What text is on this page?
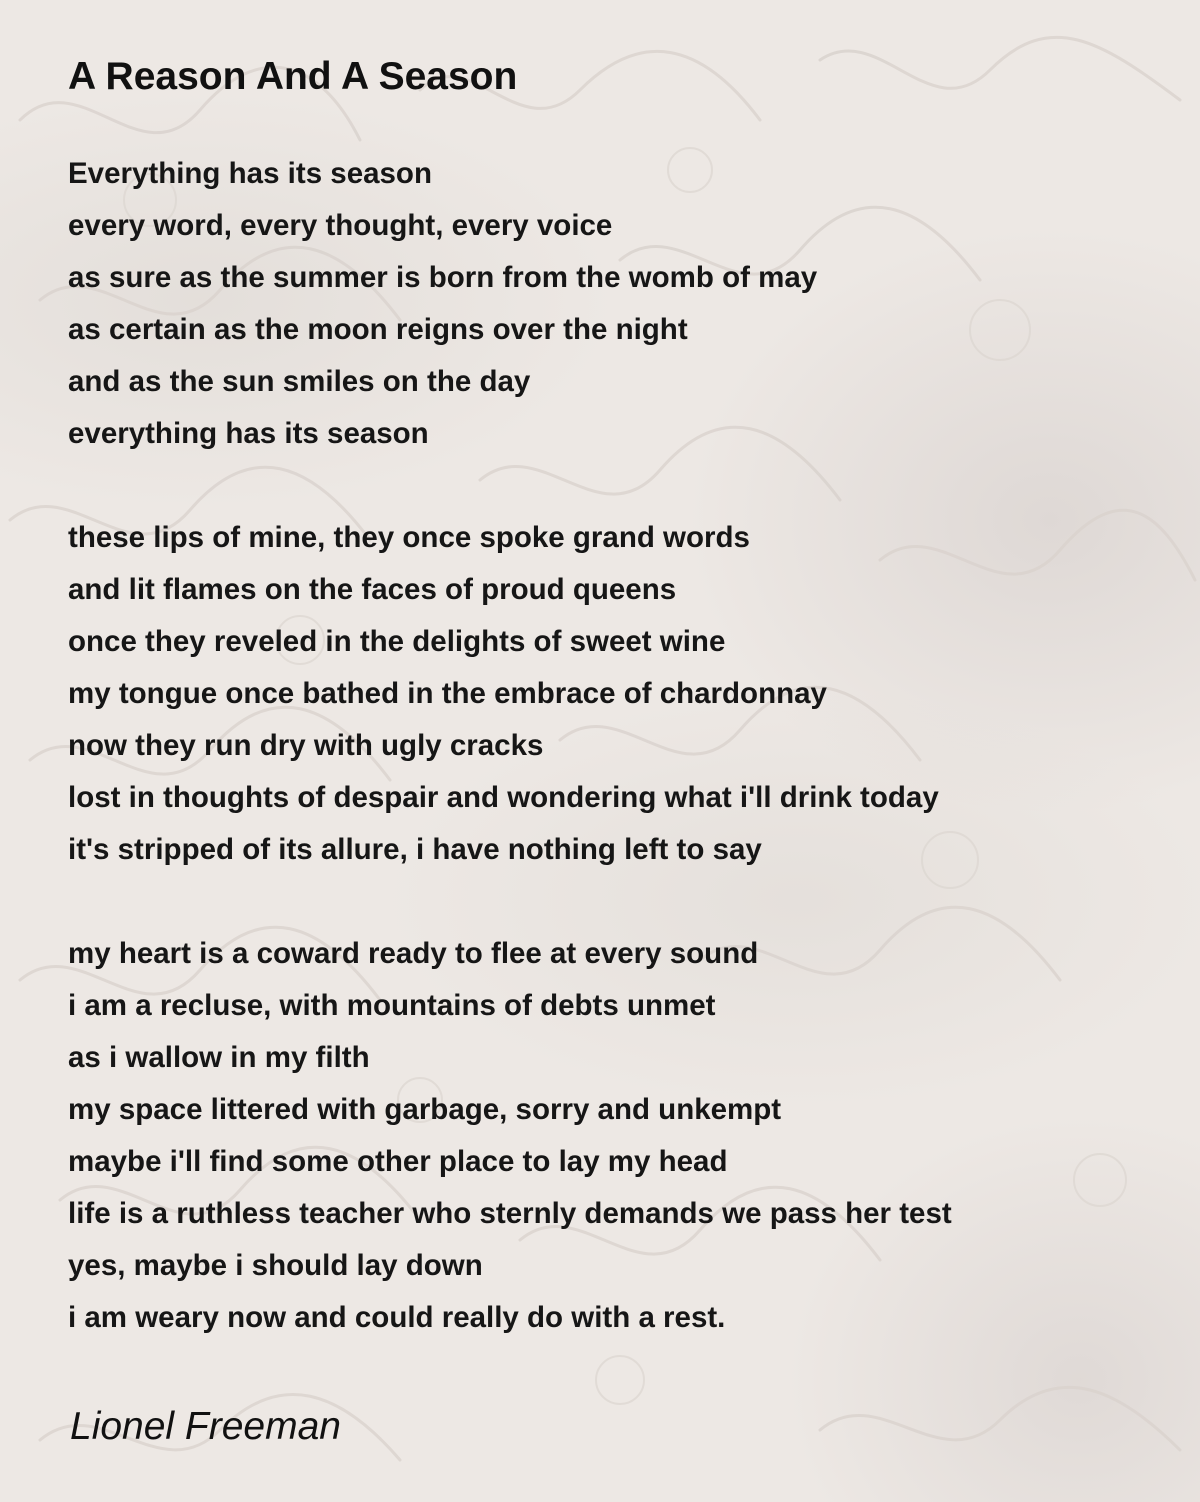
A Reason And A Season
Everything has its season
every word, every thought, every voice
as sure as the summer is born from the womb of may
as certain as the moon reigns over the night
and as the sun smiles on the day
everything has its season
these lips of mine, they once spoke grand words
and lit flames on the faces of proud queens
once they reveled in the delights of sweet wine
my tongue once bathed in the embrace of chardonnay
now they run dry with ugly cracks
lost in thoughts of despair and wondering what i'll drink today
it's stripped of its allure, i have nothing left to say
my heart is a coward ready to flee at every sound
i am a recluse, with mountains of debts unmet
as i wallow in my filth
my space littered with garbage, sorry and unkempt
maybe i'll find some other place to lay my head
life is a ruthless teacher who sternly demands we pass her test
yes, maybe i should lay down
i am weary now and could really do with a rest.

Lionel Freeman
